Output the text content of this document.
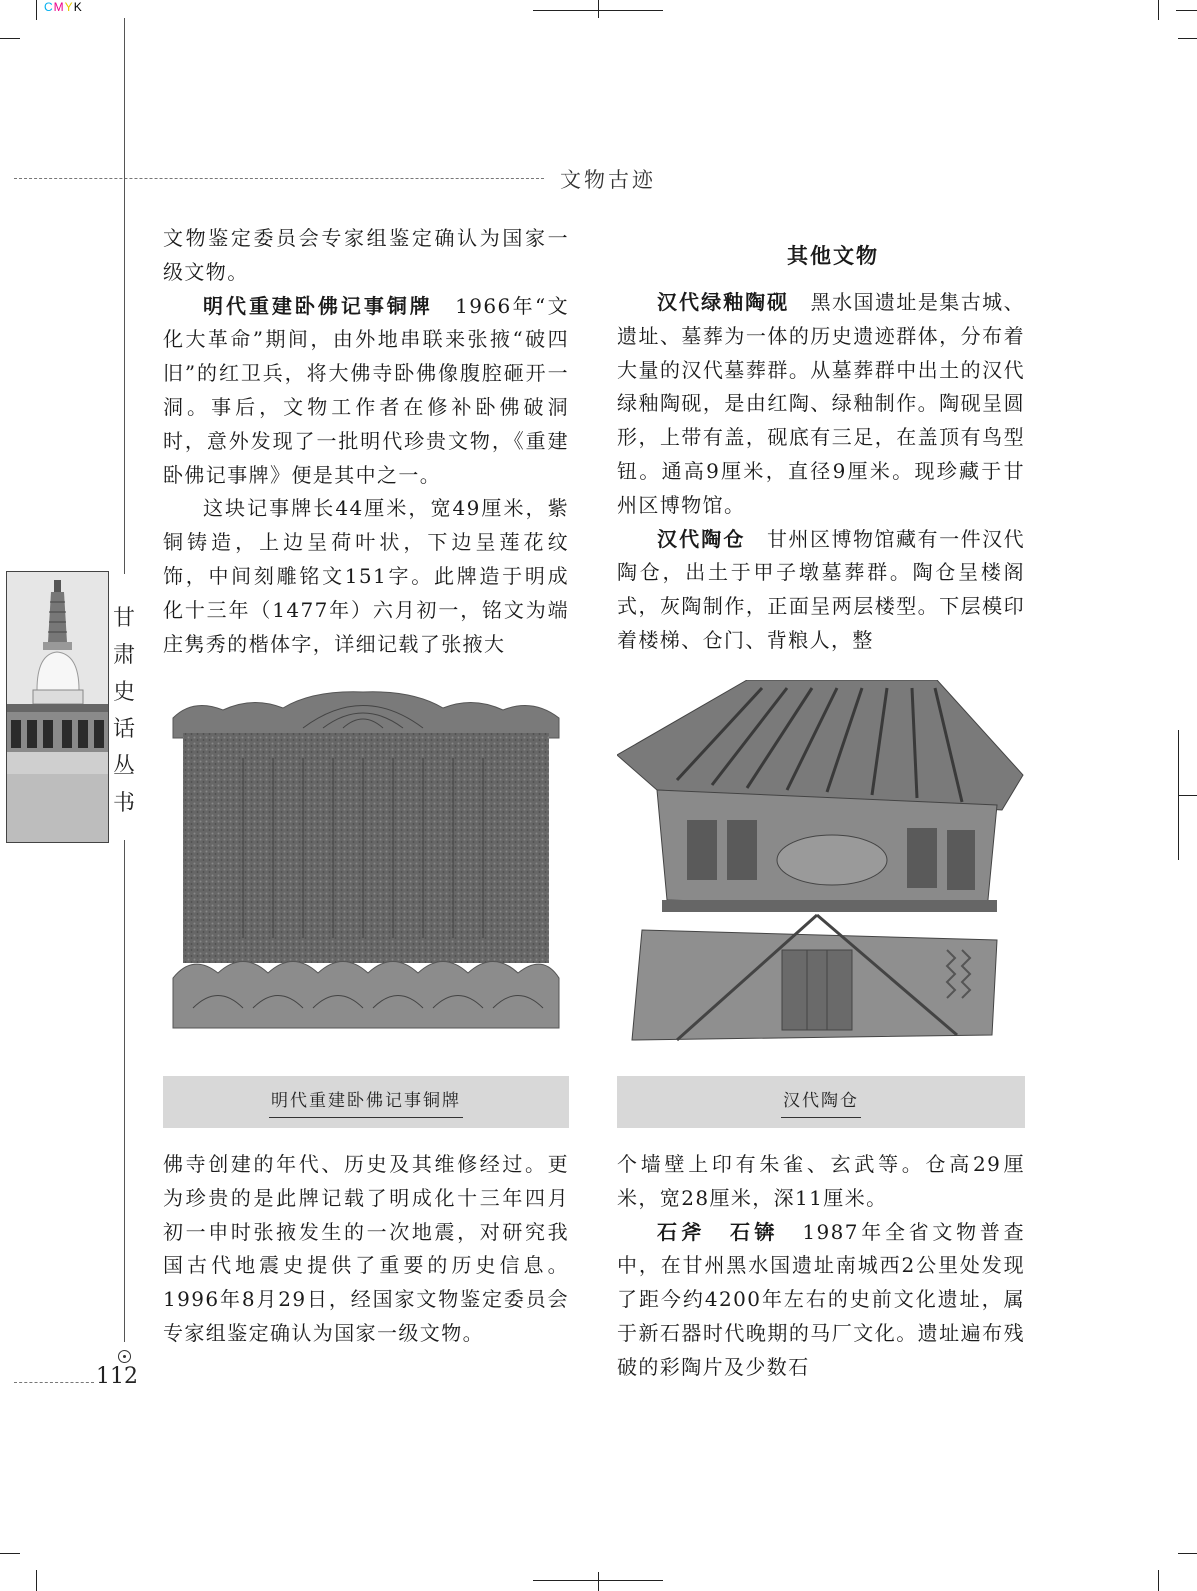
CMYK
文物古迹
甘
肃
史
话
丛
书
112

文物鉴定委员会专家组鉴定确认为国家一级文物。

明代重建卧佛记事铜牌　1966年“文化大革命”期间，由外地串联来张掖“破四旧”的红卫兵，将大佛寺卧佛像腹腔砸开一洞。事后，文物工作者在修补卧佛破洞时，意外发现了一批明代珍贵文物，《重建卧佛记事牌》便是其中之一。

这块记事牌长44厘米，宽49厘米，紫铜铸造，上边呈荷叶状，下边呈莲花纹饰，中间刻雕铭文151字。此牌造于明成化十三年（1477年）六月初一，铭文为端庄隽秀的楷体字，详细记载了张掖大

明代重建卧佛记事铜牌

佛寺创建的年代、历史及其维修经过。更为珍贵的是此牌记载了明成化十三年四月初一申时张掖发生的一次地震，对研究我国古代地震史提供了重要的历史信息。1996年8月29日，经国家文物鉴定委员会专家组鉴定确认为国家一级文物。

其他文物

汉代绿釉陶砚　黑水国遗址是集古城、遗址、墓葬为一体的历史遗迹群体，分布着大量的汉代墓葬群。从墓葬群中出土的汉代绿釉陶砚，是由红陶、绿釉制作。陶砚呈圆形，上带有盖，砚底有三足，在盖顶有鸟型钮。通高9厘米，直径9厘米。现珍藏于甘州区博物馆。

汉代陶仓　甘州区博物馆藏有一件汉代陶仓，出土于甲子墩墓葬群。陶仓呈楼阁式，灰陶制作，正面呈两层楼型。下层模印着楼梯、仓门、背粮人，整

汉代陶仓

个墙壁上印有朱雀、玄武等。仓高29厘米，宽28厘米，深11厘米。

石斧　石锛　1987年全省文物普查中，在甘州黑水国遗址南城西2公里处发现了距今约4200年左右的史前文化遗址，属于新石器时代晚期的马厂文化。遗址遍布残破的彩陶片及少数石
